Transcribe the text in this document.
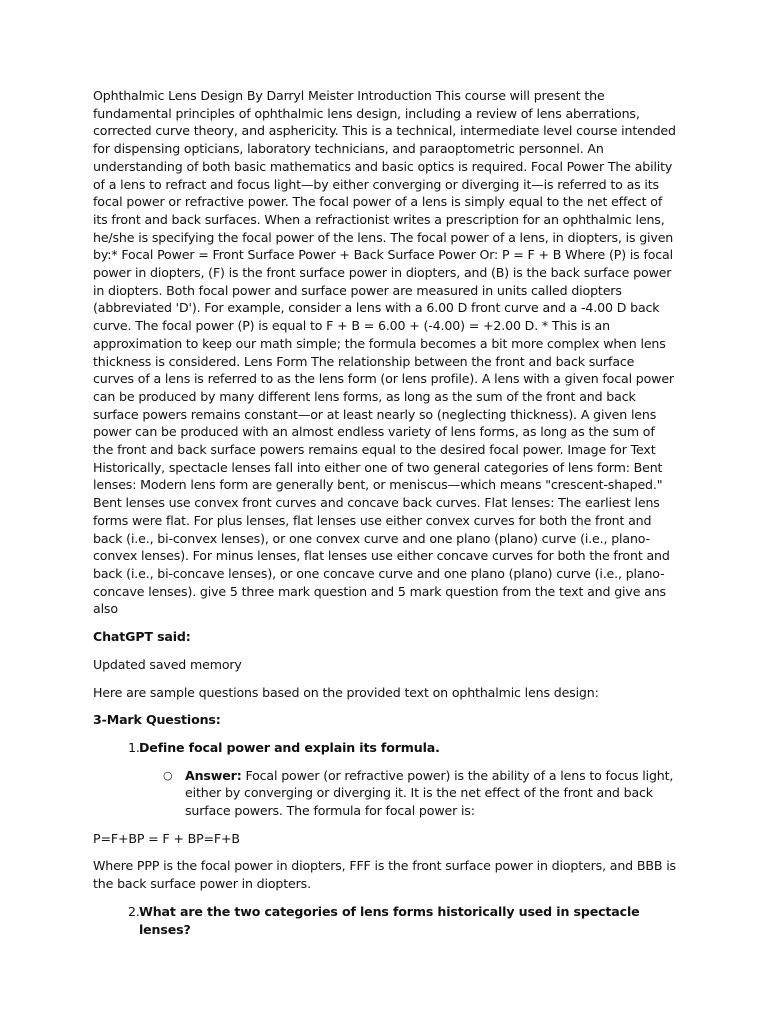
Ophthalmic Lens Design By Darryl Meister Introduction This course will present the fundamental principles of ophthalmic lens design, including a review of lens aberrations, corrected curve theory, and asphericity. This is a technical, intermediate level course intended for dispensing opticians, laboratory technicians, and paraoptometric personnel. An understanding of both basic mathematics and basic optics is required. Focal Power The ability of a lens to refract and focus light—by either converging or diverging it—is referred to as its focal power or refractive power. The focal power of a lens is simply equal to the net effect of its front and back surfaces. When a refractionist writes a prescription for an ophthalmic lens, he/she is specifying the focal power of the lens. The focal power of a lens, in diopters, is given by:* Focal Power = Front Surface Power + Back Surface Power Or: P = F + B Where (P) is focal power in diopters, (F) is the front surface power in diopters, and (B) is the back surface power in diopters. Both focal power and surface power are measured in units called diopters (abbreviated 'D'). For example, consider a lens with a 6.00 D front curve and a -4.00 D back curve. The focal power (P) is equal to F + B = 6.00 + (-4.00) = +2.00 D. * This is an approximation to keep our math simple; the formula becomes a bit more complex when lens thickness is considered. Lens Form The relationship between the front and back surface curves of a lens is referred to as the lens form (or lens profile). A lens with a given focal power can be produced by many different lens forms, as long as the sum of the front and back surface powers remains constant—or at least nearly so (neglecting thickness). A given lens power can be produced with an almost endless variety of lens forms, as long as the sum of the front and back surface powers remains equal to the desired focal power. Image for Text Historically, spectacle lenses fall into either one of two general categories of lens form: Bent lenses: Modern lens form are generally bent, or meniscus—which means "crescent-shaped." Bent lenses use convex front curves and concave back curves. Flat lenses: The earliest lens forms were flat. For plus lenses, flat lenses use either convex curves for both the front and back (i.e., bi-convex lenses), or one convex curve and one plano (plano) curve (i.e., plano-convex lenses). For minus lenses, flat lenses use either concave curves for both the front and back (i.e., bi-concave lenses), or one concave curve and one plano (plano) curve (i.e., plano-concave lenses). give 5 three mark question and 5 mark question from the text and give ans also

ChatGPT said:

Updated saved memory

Here are sample questions based on the provided text on ophthalmic lens design:

3-Mark Questions:

1. Define focal power and explain its formula.
○ Answer: Focal power (or refractive power) is the ability of a lens to focus light, either by converging or diverging it. It is the net effect of the front and back surface powers. The formula for focal power is:

P=F+BP = F + BP=F+B

Where PPP is the focal power in diopters, FFF is the front surface power in diopters, and BBB is the back surface power in diopters.

2. What are the two categories of lens forms historically used in spectacle lenses?
